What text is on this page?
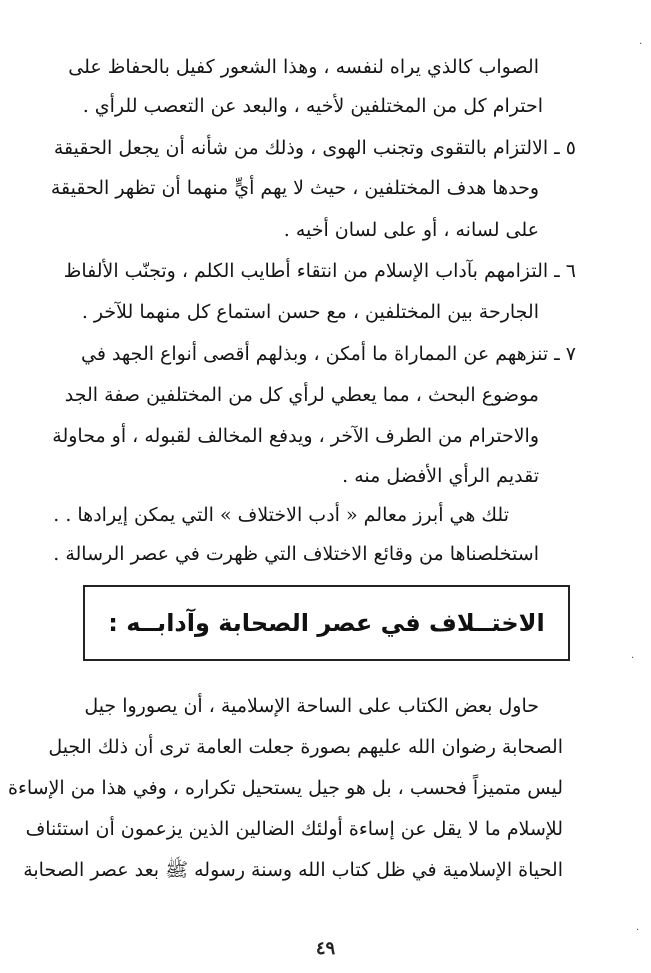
الصواب كالذي يراه لنفسه ، وهذا الشعور كفيل بالحفاظ على
احترام كل من المختلفين لأخيه ، والبعد عن التعصب للرأي .
٥ ـ الالتزام بالتقوى وتجنب الهوى ، وذلك من شأنه أن يجعل الحقيقة
وحدها هدف المختلفين ، حيث لا يهم أيٍّ منهما أن تظهر الحقيقة
على لسانه ، أو على لسان أخيه .
٦ ـ التزامهم بآداب الإسلام من انتقاء أطايب الكلم ، وتجنّب الألفاظ
الجارحة بين المختلفين ، مع حسن استماع كل منهما للآخر .
٧ ـ تنزههم عن المماراة ما أمكن ، وبذلهم أقصى أنواع الجهد في
موضوع البحث ، مما يعطي لرأي كل من المختلفين صفة الجد
والاحترام من الطرف الآخر ، ويدفع المخالف لقبوله ، أو محاولة
تقديم الرأي الأفضل منه .
تلك هي أبرز معالم « أدب الاختلاف » التي يمكن إيرادها . .
استخلصناها من وقائع الاختلاف التي ظهرت في عصر الرسالة .
الاختــلاف في عصر الصحابة وآدابــه :
حاول بعض الكتاب على الساحة الإسلامية ، أن يصوروا جيل
الصحابة رضوان الله عليهم بصورة جعلت العامة ترى أن ذلك الجيل
ليس متميزاً فحسب ، بل هو جيل يستحيل تكراره ، وفي هذا من الإساءة
للإسلام ما لا يقل عن إساءة أولئك الضالين الذين يزعمون أن استئناف
الحياة الإسلامية في ظل كتاب الله وسنة رسوله ﷺ بعد عصر الصحابة
٤٩
.
.
.
